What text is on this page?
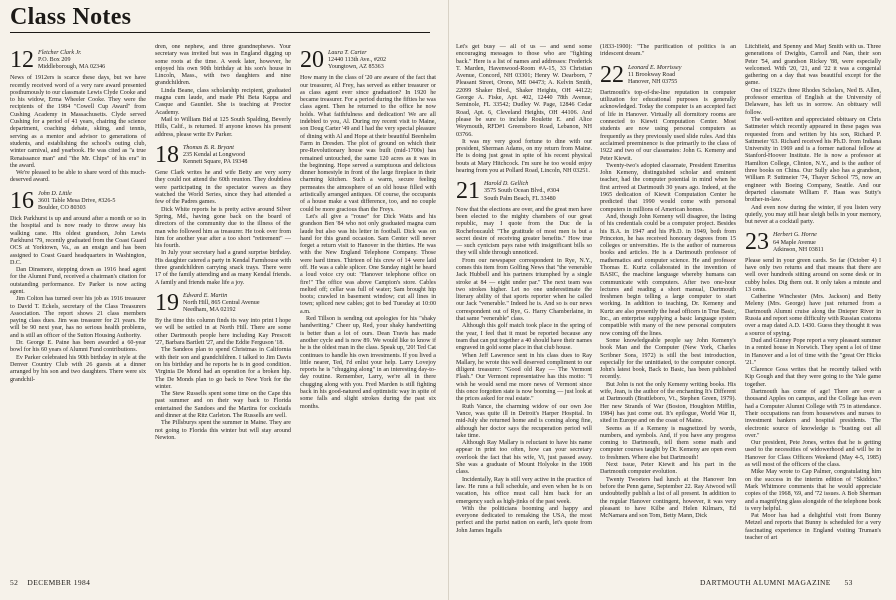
Class Notes
12 Fletcher Clark Jr.
P.O. Box 209
Middleborough, MA 02346

News of 1912ers is scarce these days, but we have recently received word of a very rare award presented posthumously to our classmate Lewis Clyde Cooke and to his widow, Erma Wheeler Cooke. They were the recipients of the 1984 "Cowell Cup Award" from Cushing Academy in Massachusetts. Clyde served Cushing for a period of 41 years, chairing the science department, coaching debate, skiing, and tennis, serving as a mentor and advisor to generations of students, and establishing the school's outing club, winter carnival, and yearbook. He was cited as "a true Renaissance man" and "the Mr. Chips" of his era" in the award.

We're pleased to be able to share word of this much-deserved award.

16 John D. Little
3601 Table Mesa Drive, #326-5
Boulder, CO 80303

Dick Parkhurst is up and around after a month or so in the hospital and is now ready to throw away his walking cane. His oldest grandson, John Lewis Parkhurst '79, recently graduated from the Coast Guard OCS at Yorktown, Va., as an ensign and has been assigned to Coast Guard headquarters in Washington, D.C.

Dan Dinsmore, stepping down as 1916 head agent for the Alumni Fund, received a chairman's citation for outstanding performance. Ev Parker is now acting agent.

Jim Colton has turned over his job as 1916 treasurer to David T. Eckels, secretary of the Class Treasurers Association. The report shows 21 class members paying class dues. Jim was treasurer for 21 years. He will be 90 next year, has no serious health problems, and is still an officer of the Sutton Housing Authority.

Dr. George E. Paine has been awarded a 60-year bowl for his 60 years of Alumni Fund contributions.

Ev Parker celebrated his 90th birthday in style at the Denver Country Club with 26 guests at a dinner arranged by his son and two daughters. There were six grandchil-

dren, one nephew, and three grandnephews. Your secretary was invited but was in England digging up some roots at the time. A week later, however, he enjoyed his own 90th birthday at his son's house in Lincoln, Mass., with two daughters and nine grandchildren.

Linda Beane, class scholarship recipient, graduated magna cum laude, and made Phi Beta Kappa and Casque and Gauntlet. She is teaching at Proctor Academy.

Mail to William Bid at 125 South Spalding, Beverly Hills, Calif., is returned. If anyone knows his present address, please write Ev Parker.

18 Thomas B. R. Bryant
235 Kendal at Longwood
Kennett Square, PA 19348

Gene Clark writes he and wife Betty are very sorry they could not attend the 60th reunion. They doubtless were participating in the spectator waves as they watched the World Series, since they had attended a few of the Padres games.

Dick White reports he is pretty active around Silver Spring, Md., having gone back on the board of directors of the community due to the illness of the man who followed him as treasurer. He took over from him for another year after a too short "retirement" — his fourth.

In July your secretary had a grand surprise birthday. His daughter catered a party in Kendal Farmhouse with three grandchildren carrying snack trays. There were 17 of the family attending and as many Kendal friends. A family and friends make life a joy.

19 Edward E. Martin
North Hill, 865 Central Avenue
Needham, MA 02192

By the time this column finds its way into print I hope we will be settled in at North Hill. There are some other Dartmouth people here including Kay Prescott '27, Barbara Bartlett '27, and the Eddie Ferguson '18.

The Sandeos plan to spend Christmas in California with their son and grandchildren. I talked to Jim Davis on his birthday and he reports he is in good condition. Virginia De Mond had an operation for a broken hip. The De Monds plan to go back to New York for the winter.

The Stew Russells spent some time on the Cape this past summer and on their way back to Florida entertained the Sandoes and the Martins for cocktails and dinner at the Ritz Carleton. The Russells are well.

The Pillsburys spent the summer in Maine. They are not going to Florida this winter but will stay around Newton.

20 Laura T. Carter
12440 113th Ave., #202
Youngtown, AZ 85363

How many in the class of '20 are aware of the fact that our treasurer, Al Frey, has served as either treasurer or as class agent ever since graduation? In 1920 he became treasurer. For a period during the fifties he was class agent. Then he returned to the office he now holds. What faithfulness and dedication! We are all indebted to you, Al. During my recent visit to Maine, son Doug Carter '49 and I had the very special pleasure of dining with Al and Hope at their beautiful Beenhelm Farm in Dresden. The plot of ground on which their pre-Revolutionary house was built (mid-1700s) has remained untouched, the same 120 acres as it was in the beginning. Hope served a sumptuous and delicious dinner homestyle in front of the large fireplace in their charming kitchen. Such a warm, secure feeling permeates the atmosphere of an old house filled with artistically arranged antiques. Of course, the occupants of a house make a vast difference, too, and no couple could be more gracious than the Freys.

Let's all give a "rouse" for Dick Watts and his grandson Ben '84 who not only graduated magna cum laude but also was his letter in football. Dick was on hand for this grand occasion. Sam Center will never forget a return visit to Hanover in the thirties. He was with the New England Telephone Company. Those were hard times. Thirteen of his crew of 14 were laid off. He was a cable splicer. One Sunday night he heard a loud voice cry out: "Hanover telephone office on fire!" The office was above Campion's store. Cables melted off; cellar was full of water; Sam brought hip boots; crawled in basement window; cut all lines in town; spliced new cables; got to bed Tuesday at 10:00 a.m.

Red Tillson is sending out apologies for his "shaky handwriting." Cheer up, Red, your shaky handwriting is better than a lot of ours. Dean Travis has made another cycle and is now 89. We would like to know if he is the oldest man in the class. Speak up, '20! Ted Cat continues to handle his own investments. If you lived a little nearer, Ted, I'd enlist your help. Larry Lovejoy reports he is "chugging along" in an interesting day-to-day routine. Remember, Larry, we're all in there chugging along with you. Fred Marden is still fighting back in his good-natured and optimistic way in spite of some falls and slight strokes during the past six months.

Let's get busy — all of us — and send some encouraging messages to those who are "fighting back." Here is a list of names and addresses: Frederick T. Marden, Havenwood-Room #A-15, 33 Christian Avenue, Concord, NH 03301; Henry W. Dearborn, 7 Pleasant Street, Orono, ME 04473; A. Kelvin Smith, 22099 Shaker Blvd., Shaker Heights, OH 44122; George A. Fiske, Apt. 402, 12440 78th Avenue, Seminole, FL 33542; Dudley W. Page, 12846 Cedar Road, Apt. 6, Cleveland Heights, OH 44106. And please be sure to include Roulette E. and Alice Weymouth, RFD#1 Greensboro Road, Lebanon, NH 03766.

It was my very good fortune to dine with our president, Sherman Adams, on my return from Maine. He is doing just great in spite of his recent physical bouts at Mary Hitchcock. I'm sure he too would enjoy hearing from you at Pollard Road, Lincoln, NH 03251.

21 Harold D. Gellich
3575 South Ocean Blvd., #304
South Palm Beach, FL 33480

Now that the elections are over, and the great men have been elected to the mighty chambers of our great republic, may I quote from the Duc de la Rochefoucauld: "The gratitude of most men is but a secret desire of receiving greater benefits." How true — such cynicism pays raise with insignificant bills so they will slide through unnoticed.

From our newspaper correspondent in Rye, N.Y., comes this item from Golfing News that "the venerable Jack Hubbell and his partners triumphed by a single stroke at 84 — eight under par." The next team was two strokes higher. Let no one underestimate the literary ability of that sports reporter when he called our Jack "venerable." Indeed he is. And so is our news correspondent out of Rye, G. Harry Chamberlaine, in that same "venerable" class.

Although this golf match took place in the spring of the year, I feel that it must be reported because any team that can put together a 40 should have their names engraved in gold some place in that club house.

When Jeff Lawrence sent in his class dues to Ray Mallary, he wrote this well deserved compliment to our diligent treasurer: "Good old Ray — The Vermont Flash." Our Vermont representative has this motto: "I wish he would send me more news of Vermont since this once forgotten state is now booming — just look at the prices asked for real estate."

Ruth Vance, the charming widow of our own Joe Vance, was quite ill in Detroit's Harper Hospital. In mid-July she returned home and is coming along fine, although her doctor says the recuperation period will take time.

Although Ray Mallary is reluctant to have his name appear in print too often, how can your secretary overlook the fact that his wife, Vi, just passed away. She was a graduate of Mount Holyoke in the 1908 class.

Incidentally, Ray is still very active in the practice of law. He runs a full schedule, and even when he is on vacation, his office must call him back for an emergency such as high-jinks of the past week.

With the politicians booming and happy and everyone dedicated to remaking the USA, the most perfect and the purist nation on earth, let's quote from John James Ingalls

(1833-1900): "The purification of politics is an iridescent dream."

22 Leonard E. Morrissey
11 Brookway Road
Hanover, NH 03755

Dartmouth's top-of-the-line reputation in computer utilization for educational purposes is generally acknowledged. Today the computer is an accepted fact of life in Hanover. Virtually all dormitory rooms are connected to Kiewit Computation Center. Most students are now using personal computers as frequently as they previously used slide rules. And this acclaimed preeminence is due primarily to the class of 1922 and two of our classmates: John G. Kemeny and Peter Kiewit.

Twenty-two's adopted classmate, President Emeritus John Kemeny, distinguished scholar and eminent teacher, had the computer potential in mind when he first arrived at Dartmouth 30 years ago. Indeed, at the 1965 dedication of Kiewit Computation Center he predicted that 1990 would come with personal computers in millions of American homes.

And, though John Kemeny will disagree, the listing of his credentials could be a computer project. Besides his B.A. in 1947 and his Ph.D. in 1949, both from Princeton, he has received honorary degrees from 15 colleges or universities. He is the author of numerous books and articles. He is a Dartmouth professor of mathematics and computer science. He and professor Thomas E. Kurtz collaborated in the invention of BASIC, the machine language whereby humans can communicate with computers. After two one-hour lectures and reading a short manual, Dartmouth freshmen begin telling a large computer to start working. In addition to teaching, Dr. Kemeny and Kurtz are also presently the head officers in True Basic, Inc., an enterprise supplying a basic language system compatible with many of the new personal computers now coming off the lines.

Some knowledgeable people say John Kemeny's book Man and the Computer (New York, Charles Scribner Sons, 1972) is still the best introduction, especially for the uninitiated, to the computer concept. John's latest book, Back to Basic, has been published recently.

But John is not the only Kemeny writing books. His wife, Jean, is the author of the enchanting It's Different at Dartmouth (Brattleboro, Vt., Stephen Green, 1979). Her new Strands of War (Boston, Houghton Mifflin, 1984) has just come out. It's epilogue, World War II, sited in Europe and on the coast of Maine.

Seems as if a Kemeny is magnetized by words, numbers, and symbols. And, if you have any progress coming to Dartmouth, tell them some math and computer courses taught by Dr. Kemeny are open even to freshmen. Where else but Dartmouth!

Next issue, Peter Kiewit and his part in the Dartmouth computer evolution.

Twenty Twoeters had lunch at the Hanover Inn before the Penn game, September 22. Ray Atwood will undoubtedly publish a list of all present. In addition to the regular Hanover contingent, however, it was very pleasant to have Kilbe and Helen Kilmarx, Ed McNamara and son Tom, Betty Mann, Dick

Litchfield, and Spenny and Marj Smith with us. Three generations of Dwights, Carroll and Nan, their son Peter '54, and grandson Rickey '88, were especially welcomed. With '20, '21, and '22 it was a congenial gathering on a day that was beautiful except for the game.

One of 1922's three Rhodes Scholars, Ned B. Allen, professor emeritus of English at the University of Delaware, has left us in sorrow. An obituary will follow.

The well-written and appreciated obituary on Chris Sattmeier which recently appeared in these pages was requested from and written by his son, Richard P. Sattmeier '63. Richard received his Ph.D. from Indiana University in 1969 and is a former national fellow at Stanford-Hoover Institute. He is now a professor at Hamilton College, Clinton, N.Y., and is the author of three books on China. Our Sully also has a grandson, William P. Suttmeier '74, Thayer School '75, now an engineer with Boeing Company, Seattle. And our departed classmate William F. Haas was Sutty's brother-in-law.

And even now during the winter, if you listen very quietly, you may still hear sleigh bells in your memory, but never at a cocktail party.

23 Herbert G. Horne
64 Maple Avenue
Atkinson, NH 03811

Please send in your green cards. So far (October 4) I have only two returns and that means that there are well over hundreds sitting around on some desk or in cubby holes. Dig them out. It only takes a minute and 13 cents.

Catherine Winchester (Mrs. Jackson) and Betty Meleny (Mrs. George) have just returned from a Dartmouth Alumni cruise along the Dnieper River in Russia and report some difficulty with Russian customs over a map dated A.D. 1430. Guess they thought it was a source of spying.

Dud and Ginney Pope report a very pleasant summer in a rented house in Norwich. They spent a lot of time in Hanover and a lot of time with the "great Orr Hicks '21."

Clarence Goss writes that he recently talked with Kip Gough and that they were going to the Yale game together.

Dartmouth has come of age! There are over a thousand Apples on campus, and the College has even had a Computer Alumni College with 75 in attendance. Their occupations ran from housewives and nurses to investment bankers and hospital presidents. The electronic source of knowledge is "busting out all over."

Our president, Pete Jones, writes that he is getting used to the necessities of widowerhood and will be in Hanover for Class Officers Weekend (May 4-5, 1985) as will most of the officers of the class.

Mike May wrote to Cap Palmer, congratulating him on the success in the interim edition of "Skiddoo." Mark Whitmore comments that he would appreciate copies of the 1968, '69, and '72 issues. A Bob Sherman and a magnifying glass alongside of the telephone book is very helpful.

Pat Moor has had a delightful visit from Bunny Metzel and reports that Bunny is scheduled for a very fascinating experience in England visiting Truman's teacher of art

52 DECEMBER 1984	DARTMOUTH ALUMNI MAGAZINE 53
